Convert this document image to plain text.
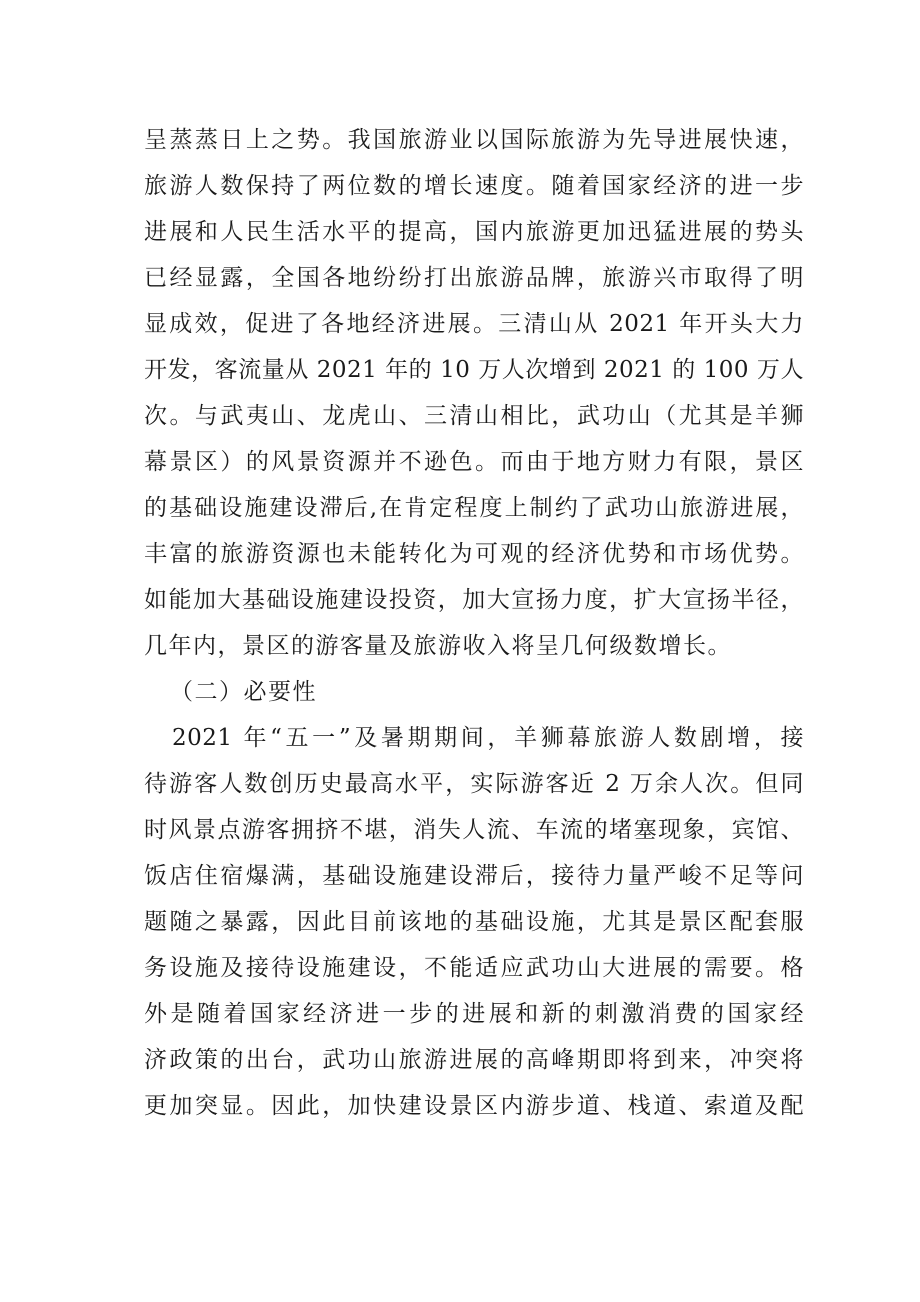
呈蒸蒸日上之势。我国旅游业以国际旅游为先导进展快速，
旅游人数保持了两位数的增长速度。随着国家经济的进一步
进展和人民生活水平的提高，国内旅游更加迅猛进展的势头
已经显露，全国各地纷纷打出旅游品牌，旅游兴市取得了明
显成效，促进了各地经济进展。三清山从 2021 年开头大力
开发，客流量从 2021 年的 10 万人次增到 2021 的 100 万人
次。与武夷山、龙虎山、三清山相比，武功山（尤其是羊狮
幕景区）的风景资源并不逊色。而由于地方财力有限，景区
的基础设施建设滞后,在肯定程度上制约了武功山旅游进展，
丰富的旅游资源也未能转化为可观的经济优势和市场优势。
如能加大基础设施建设投资，加大宣扬力度，扩大宣扬半径，
几年内，景区的游客量及旅游收入将呈几何级数增长。
（二）必要性
2021 年“五一”及暑期期间，羊狮幕旅游人数剧增，接
待游客人数创历史最高水平，实际游客近 2 万余人次。但同
时风景点游客拥挤不堪，消失人流、车流的堵塞现象，宾馆、
饭店住宿爆满，基础设施建设滞后，接待力量严峻不足等问
题随之暴露，因此目前该地的基础设施，尤其是景区配套服
务设施及接待设施建设，不能适应武功山大进展的需要。格
外是随着国家经济进一步的进展和新的刺激消费的国家经
济政策的出台，武功山旅游进展的高峰期即将到来，冲突将
更加突显。因此，加快建设景区内游步道、栈道、索道及配
